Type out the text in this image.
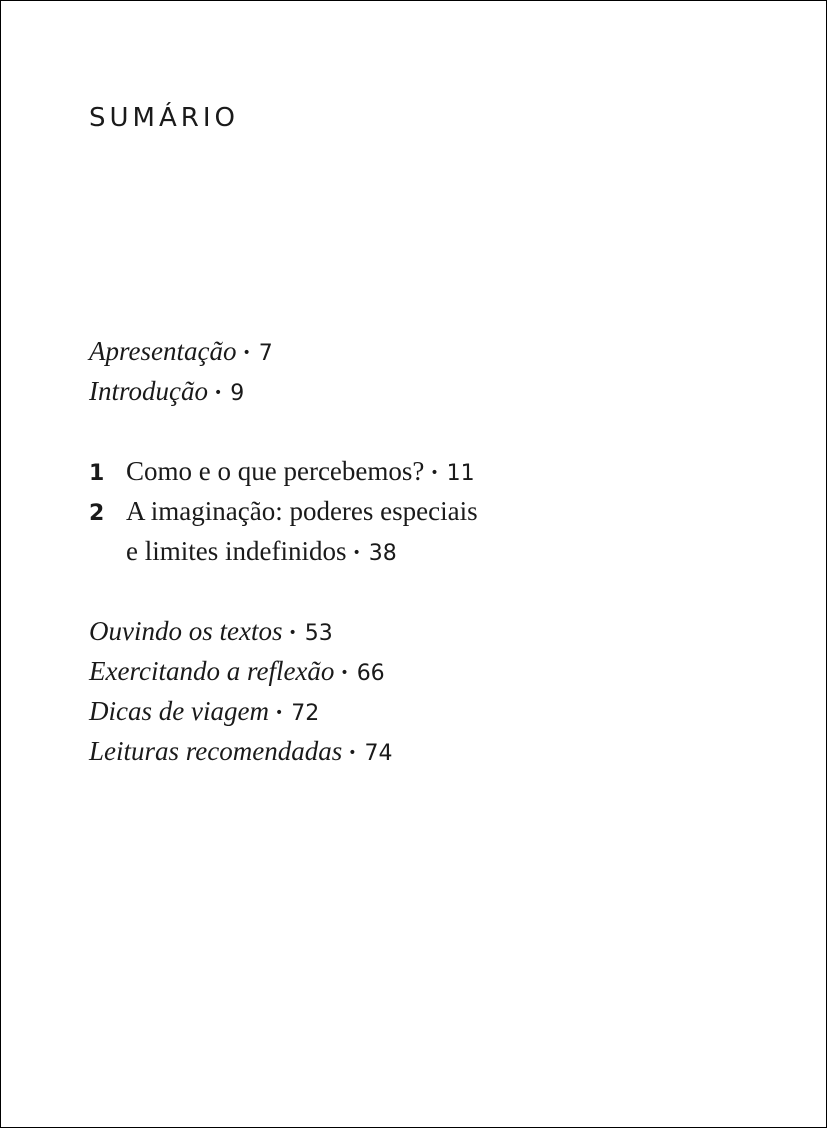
SUMÁRIO
Apresentação • 7
Introdução • 9
1 Como e o que percebemos? • 11
2 A imaginação: poderes especiais
e limites indefinidos • 38
Ouvindo os textos • 53
Exercitando a reflexão • 66
Dicas de viagem • 72
Leituras recomendadas • 74
